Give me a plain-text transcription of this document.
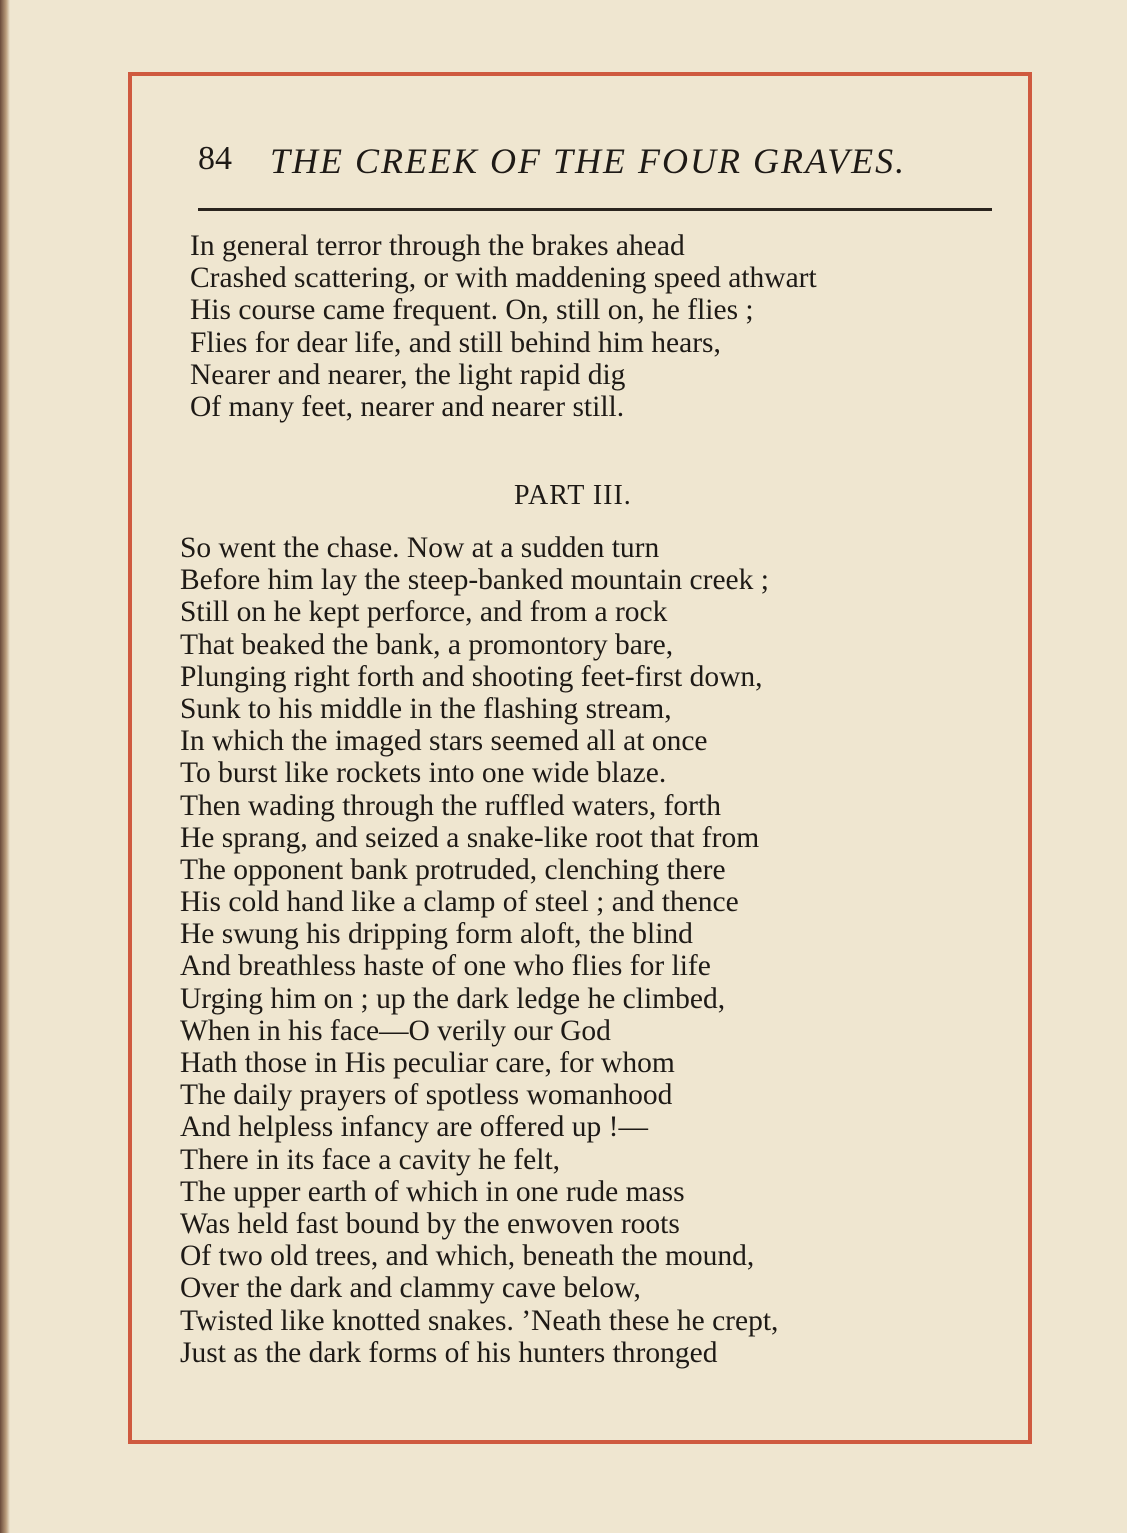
84 THE CREEK OF THE FOUR GRAVES.
In general terror through the brakes ahead
Crashed scattering, or with maddening speed athwart
His course came frequent. On, still on, he flies ;
Flies for dear life, and still behind him hears,
Nearer and nearer, the light rapid dig
Of many feet, nearer and nearer still.
PART III.
So went the chase. Now at a sudden turn
Before him lay the steep-banked mountain creek ;
Still on he kept perforce, and from a rock
That beaked the bank, a promontory bare,
Plunging right forth and shooting feet-first down,
Sunk to his middle in the flashing stream,
In which the imaged stars seemed all at once
To burst like rockets into one wide blaze.
Then wading through the ruffled waters, forth
He sprang, and seized a snake-like root that from
The opponent bank protruded, clenching there
His cold hand like a clamp of steel ; and thence
He swung his dripping form aloft, the blind
And breathless haste of one who flies for life
Urging him on ; up the dark ledge he climbed,
When in his face—O verily our God
Hath those in His peculiar care, for whom
The daily prayers of spotless womanhood
And helpless infancy are offered up !—
There in its face a cavity he felt,
The upper earth of which in one rude mass
Was held fast bound by the enwoven roots
Of two old trees, and which, beneath the mound,
Over the dark and clammy cave below,
Twisted like knotted snakes. ’Neath these he crept,
Just as the dark forms of his hunters thronged
